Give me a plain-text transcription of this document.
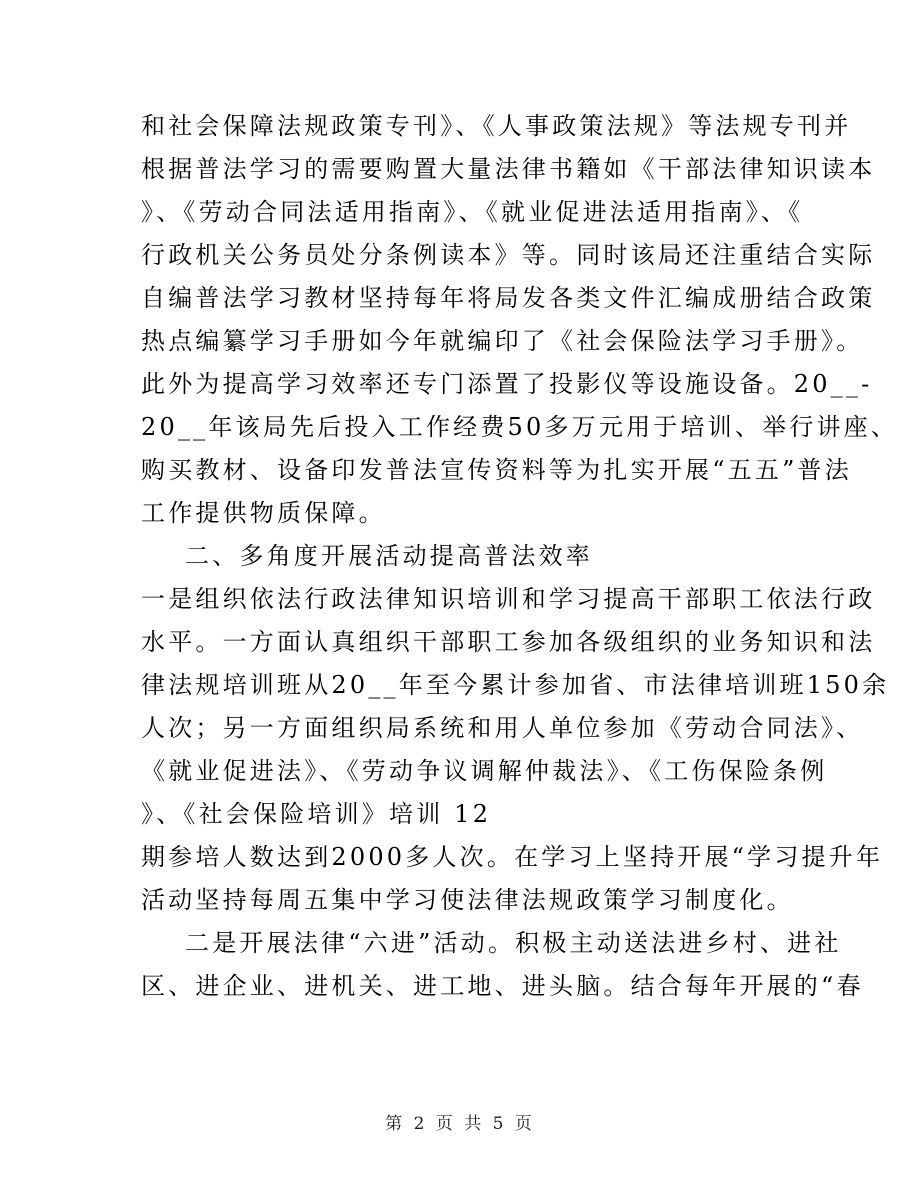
和社会保障法规政策专刊》、《人事政策法规》等法规专刊并
根据普法学习的需要购置大量法律书籍如《干部法律知识读本
》、《劳动合同法适用指南》、《就业促进法适用指南》、《
行政机关公务员处分条例读本》等。同时该局还注重结合实际
自编普法学习教材坚持每年将局发各类文件汇编成册结合政策
热点编纂学习手册如今年就编印了《社会保险法学习手册》。
此外为提高学习效率还专门添置了投影仪等设施设备。20__-
20__年该局先后投入工作经费50多万元用于培训、举行讲座、
购买教材、设备印发普法宣传资料等为扎实开展“五五”普法
工作提供物质保障。
二、多角度开展活动提高普法效率
一是组织依法行政法律知识培训和学习提高干部职工依法行政
水平。一方面认真组织干部职工参加各级组织的业务知识和法
律法规培训班从20__年至今累计参加省、市法律培训班150余
人次；另一方面组织局系统和用人单位参加《劳动合同法》、
《就业促进法》、《劳动争议调解仲裁法》、《工伤保险条例
》、《社会保险培训》培训 12
期参培人数达到2000多人次。在学习上坚持开展“学习提升年
活动坚持每周五集中学习使法律法规政策学习制度化。
二是开展法律“六进”活动。积极主动送法进乡村、进社
区、进企业、进机关、进工地、进头脑。结合每年开展的“春
第 2 页 共 5 页
